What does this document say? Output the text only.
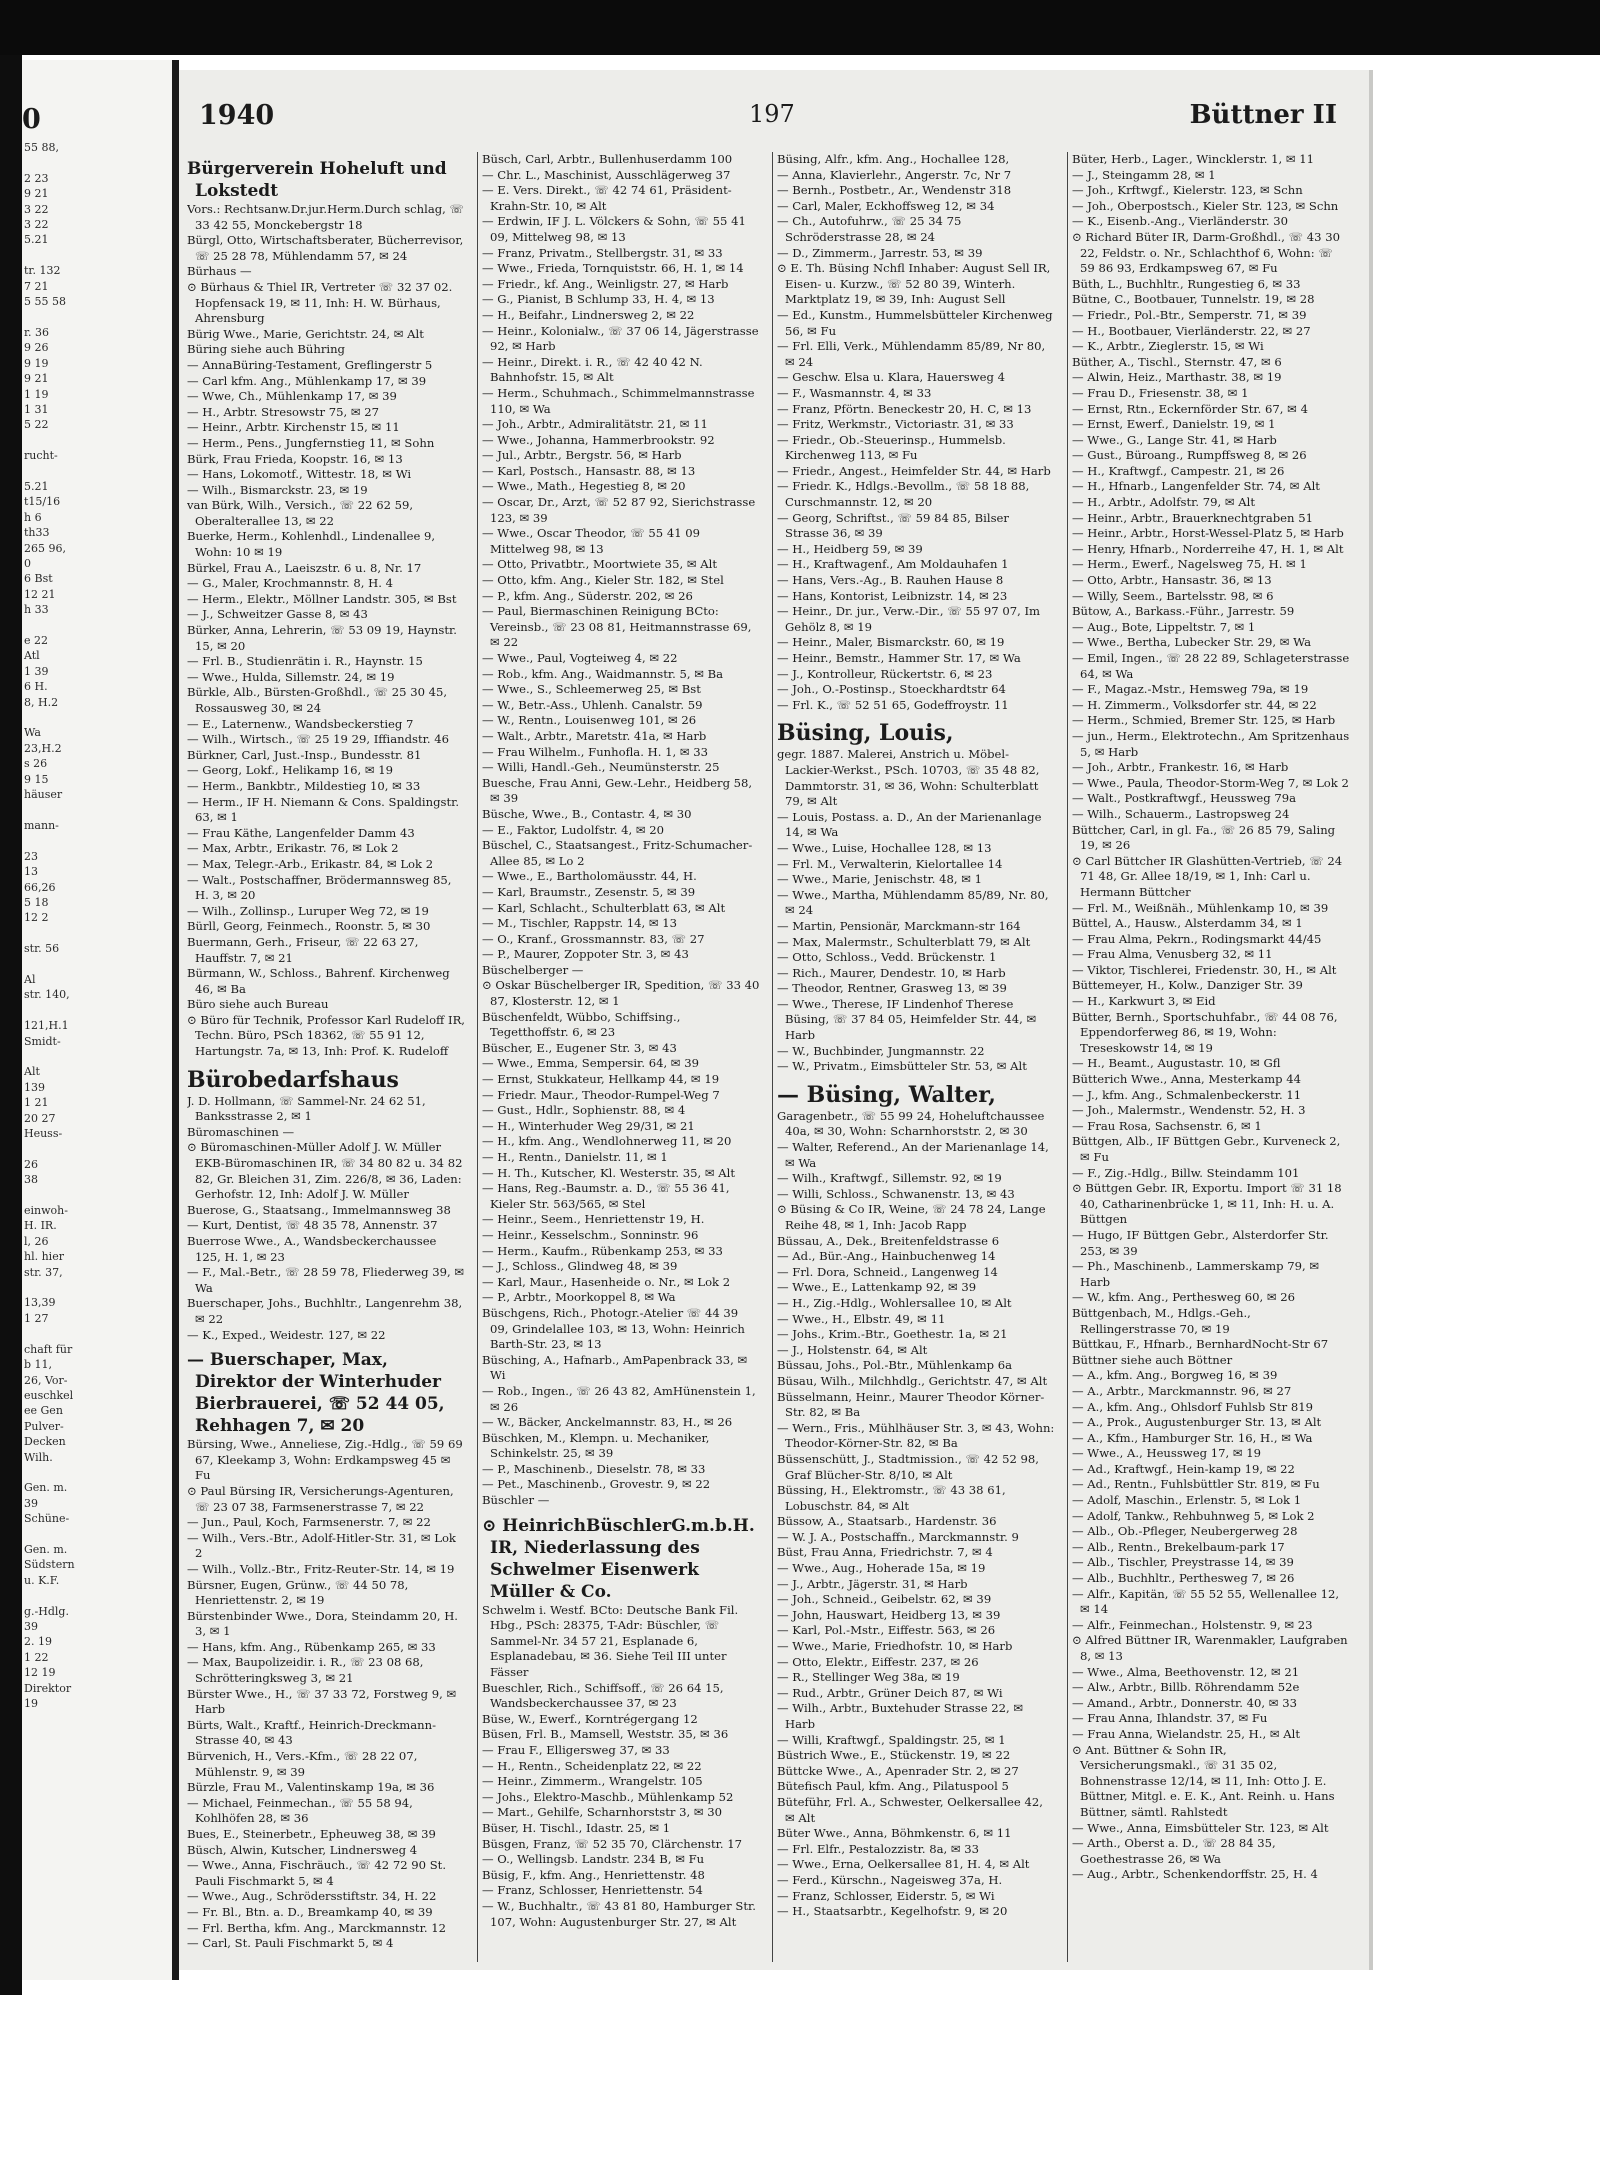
0
55 88,

2 23
9 21
3 22
3 22
5.21

tr. 132
7 21
5 55 58

r. 36
9 26
9 19
9 21
1 19
1 31
5 22

rucht-

5.21
t15/16
h 6
th33
265 96,
0
6 Bst
12 21
h 33

e 22
Atl
1 39
6 H.
8, H.2

Wa
23,H.2
s 26
9 15
häuser

mann-

23
13
66,26
5 18
12 2

str. 56

Al
str. 140,

121,H.1
Smidt-

Alt
139
1 21
20 27
Heuss-

26
38

einwoh-
H. IR.
l, 26
hl. hier
str. 37,

13,39
1 27

chaft für
b 11,
26, Vor-
euschkel
ee Gen
Pulver-
Decken
Wilh.

Gen. m.
39
Schüne-

Gen. m.
Südstern
u. K.F.

g.-Hdlg.
39
2. 19
1 22
12 19
Direktor
19
1940	197	Büttner II

Bürgerverein Hoheluft und Lokstedt

Vors.: Rechtsanw.Dr.jur.Herm.Durch schlag, ☏ 33 42 55, Monckebergstr 18

Bürgl, Otto, Wirtschaftsberater, Bücherrevisor, ☏ 25 28 78, Mühlendamm 57, ✉ 24

Bürhaus —

⊙ Bürhaus & Thiel IR, Vertreter ☏ 32 37 02. Hopfensack 19, ✉ 11, Inh: H. W. Bürhaus, Ahrensburg

Bürig Wwe., Marie, Gerichtstr. 24, ✉ Alt

Büring siehe auch Bühring

— AnnaBüring-Testament, Greflingerstr 5

— Carl kfm. Ang., Mühlenkamp 17, ✉ 39

— Wwe, Ch., Mühlenkamp 17, ✉ 39

— H., Arbtr. Stresowstr 75, ✉ 27

— Heinr., Arbtr. Kirchenstr 15, ✉ 11

— Herm., Pens., Jungfernstieg 11, ✉ Sohn

Bürk, Frau Frieda, Koopstr. 16, ✉ 13

— Hans, Lokomotf., Wittestr. 18, ✉ Wi

— Wilh., Bismarckstr. 23, ✉ 19

van Bürk, Wilh., Versich., ☏ 22 62 59, Oberalterallee 13, ✉ 22

Buerke, Herm., Kohlenhdl., Lindenallee 9, Wohn: 10 ✉ 19

Bürkel, Frau A., Laeiszstr. 6 u. 8, Nr. 17

— G., Maler, Krochmannstr. 8, H. 4

— Herm., Elektr., Möllner Landstr. 305, ✉ Bst

— J., Schweitzer Gasse 8, ✉ 43

Bürker, Anna, Lehrerin, ☏ 53 09 19, Haynstr. 15, ✉ 20

— Frl. B., Studienrätin i. R., Haynstr. 15

— Wwe., Hulda, Sillemstr. 24, ✉ 19

Bürkle, Alb., Bürsten-Großhdl., ☏ 25 30 45, Rossausweg 30, ✉ 24

— E., Laternenw., Wandsbeckerstieg 7

— Wilh., Wirtsch., ☏ 25 19 29, Iffiandstr. 46

Bürkner, Carl, Just.-Insp., Bundesstr. 81

— Georg, Lokf., Helikamp 16, ✉ 19

— Herm., Bankbtr., Mildestieg 10, ✉ 33

— Herm., IF H. Niemann & Cons. Spaldingstr. 63, ✉ 1

— Frau Käthe, Langenfelder Damm 43

— Max, Arbtr., Erikastr. 76, ✉ Lok 2

— Max, Telegr.-Arb., Erikastr. 84, ✉ Lok 2

— Walt., Postschaffner, Brödermannsweg 85, H. 3, ✉ 20

— Wilh., Zollinsp., Luruper Weg 72, ✉ 19

Bürll, Georg, Feinmech., Roonstr. 5, ✉ 30

Buermann, Gerh., Friseur, ☏ 22 63 27, Hauffstr. 7, ✉ 21

Bürmann, W., Schloss., Bahrenf. Kirchenweg 46, ✉ Ba

Büro siehe auch Bureau

⊙ Büro für Technik, Professor Karl Rudeloff IR, Techn. Büro, PSch 18362, ☏ 55 91 12, Hartungstr. 7a, ✉ 13, Inh: Prof. K. Rudeloff

Bürobedarfshaus

J. D. Hollmann, ☏ Sammel-Nr. 24 62 51, Banksstrasse 2, ✉ 1

Büromaschinen —

⊙ Büromaschinen-Müller Adolf J. W. Müller EKB-Büromaschinen IR, ☏ 34 80 82 u. 34 82 82, Gr. Bleichen 31, Zim. 226/8, ✉ 36, Laden: Gerhofstr. 12, Inh: Adolf J. W. Müller

Buerose, G., Staatsang., Immelmannsweg 38

— Kurt, Dentist, ☏ 48 35 78, Annenstr. 37

Buerrose Wwe., A., Wandsbeckerchaussee 125, H. 1, ✉ 23

— F., Mal.-Betr., ☏ 28 59 78, Fliederweg 39, ✉ Wa

Buerschaper, Johs., Buchhltr., Langenrehm 38, ✉ 22

— K., Exped., Weidestr. 127, ✉ 22

— Buerschaper, Max, Direktor der Winterhuder Bierbrauerei, ☏ 52 44 05, Rehhagen 7, ✉ 20

Bürsing, Wwe., Anneliese, Zig.-Hdlg., ☏ 59 69 67, Kleekamp 3, Wohn: Erdkampsweg 45 ✉ Fu

⊙ Paul Bürsing IR, Versicherungs-Agenturen, ☏ 23 07 38, Farmsenerstrasse 7, ✉ 22

— Jun., Paul, Koch, Farmsenerstr. 7, ✉ 22

— Wilh., Vers.-Btr., Adolf-Hitler-Str. 31, ✉ Lok 2

— Wilh., Vollz.-Btr., Fritz-Reuter-Str. 14, ✉ 19

Bürsner, Eugen, Grünw., ☏ 44 50 78, Henriettenstr. 2, ✉ 19

Bürstenbinder Wwe., Dora, Steindamm 20, H. 3, ✉ 1

— Hans, kfm. Ang., Rübenkamp 265, ✉ 33

— Max, Baupolizeidir. i. R., ☏ 23 08 68, Schrötteringksweg 3, ✉ 21

Bürster Wwe., H., ☏ 37 33 72, Forstweg 9, ✉ Harb

Bürts, Walt., Kraftf., Heinrich-Dreckmann-Strasse 40, ✉ 43

Bürvenich, H., Vers.-Kfm., ☏ 28 22 07, Mühlenstr. 9, ✉ 39

Bürzle, Frau M., Valentinskamp 19a, ✉ 36

— Michael, Feinmechan., ☏ 55 58 94, Kohlhöfen 28, ✉ 36

Bues, E., Steinerbetr., Epheuweg 38, ✉ 39

Büsch, Alwin, Kutscher, Lindnersweg 4

— Wwe., Anna, Fischräuch., ☏ 42 72 90 St. Pauli Fischmarkt 5, ✉ 4

— Wwe., Aug., Schrödersstiftstr. 34, H. 22

— Fr. Bl., Btn. a. D., Breamkamp 40, ✉ 39

— Frl. Bertha, kfm. Ang., Marckmannstr. 12

— Carl, St. Pauli Fischmarkt 5, ✉ 4

Büsch, Carl, Arbtr., Bullenhuserdamm 100

— Chr. L., Maschinist, Ausschlägerweg 37

— E. Vers. Direkt., ☏ 42 74 61, Präsident-Krahn-Str. 10, ✉ Alt

— Erdwin, IF J. L. Völckers & Sohn, ☏ 55 41 09, Mittelweg 98, ✉ 13

— Franz, Privatm., Stellbergstr. 31, ✉ 33

— Wwe., Frieda, Tornquiststr. 66, H. 1, ✉ 14

— Friedr., kf. Ang., Weinligstr. 27, ✉ Harb

— G., Pianist, B Schlump 33, H. 4, ✉ 13

— H., Beifahr., Lindnersweg 2, ✉ 22

— Heinr., Kolonialw., ☏ 37 06 14, Jägerstrasse 92, ✉ Harb

— Heinr., Direkt. i. R., ☏ 42 40 42 N. Bahnhofstr. 15, ✉ Alt

— Herm., Schuhmach., Schimmelmannstrasse 110, ✉ Wa

— Joh., Arbtr., Admiralitätstr. 21, ✉ 11

— Wwe., Johanna, Hammerbrookstr. 92

— Jul., Arbtr., Bergstr. 56, ✉ Harb

— Karl, Postsch., Hansastr. 88, ✉ 13

— Wwe., Math., Hegestieg 8, ✉ 20

— Oscar, Dr., Arzt, ☏ 52 87 92, Sierichstrasse 123, ✉ 39

— Wwe., Oscar Theodor, ☏ 55 41 09 Mittelweg 98, ✉ 13

— Otto, Privatbtr., Moortwiete 35, ✉ Alt

— Otto, kfm. Ang., Kieler Str. 182, ✉ Stel

— P., kfm. Ang., Süderstr. 202, ✉ 26

— Paul, Biermaschinen Reinigung BCto: Vereinsb., ☏ 23 08 81, Heitmannstrasse 69, ✉ 22

— Wwe., Paul, Vogteiweg 4, ✉ 22

— Rob., kfm. Ang., Waidmannstr. 5, ✉ Ba

— Wwe., S., Schleemerweg 25, ✉ Bst

— W., Betr.-Ass., Uhlenh. Canalstr. 59

— W., Rentn., Louisenweg 101, ✉ 26

— Walt., Arbtr., Maretstr. 41a, ✉ Harb

— Frau Wilhelm., Funhofla. H. 1, ✉ 33

— Willi, Handl.-Geh., Neumünsterstr. 25

Buesche, Frau Anni, Gew.-Lehr., Heidberg 58, ✉ 39

Büsche, Wwe., B., Contastr. 4, ✉ 30

— E., Faktor, Ludolfstr. 4, ✉ 20

Büschel, C., Staatsangest., Fritz-Schumacher-Allee 85, ✉ Lo 2

— Wwe., E., Bartholomäusstr. 44, H.

— Karl, Braumstr., Zesenstr. 5, ✉ 39

— Karl, Schlacht., Schulterblatt 63, ✉ Alt

— M., Tischler, Rappstr. 14, ✉ 13

— O., Kranf., Grossmannstr. 83, ☏ 27

— P., Maurer, Zoppoter Str. 3, ✉ 43

Büschelberger —

⊙ Oskar Büschelberger IR, Spedition, ☏ 33 40 87, Klosterstr. 12, ✉ 1

Büschenfeldt, Wübbo, Schiffsing., Tegetthoffstr. 6, ✉ 23

Büscher, E., Eugener Str. 3, ✉ 43

— Wwe., Emma, Sempersir. 64, ✉ 39

— Ernst, Stukkateur, Hellkamp 44, ✉ 19

— Friedr. Maur., Theodor-Rumpel-Weg 7

— Gust., Hdlr., Sophienstr. 88, ✉ 4

— H., Winterhuder Weg 29/31, ✉ 21

— H., kfm. Ang., Wendlohnerweg 11, ✉ 20

— H., Rentn., Danielstr. 11, ✉ 1

— H. Th., Kutscher, Kl. Westerstr. 35, ✉ Alt

— Hans, Reg.-Baumstr. a. D., ☏ 55 36 41, Kieler Str. 563/565, ✉ Stel

— Heinr., Seem., Henriettenstr 19, H.

— Heinr., Kesselschm., Sonninstr. 96

— Herm., Kaufm., Rübenkamp 253, ✉ 33

— J., Schloss., Glindweg 48, ✉ 39

— Karl, Maur., Hasenheide o. Nr., ✉ Lok 2

— P., Arbtr., Moorkoppel 8, ✉ Wa

Büschgens, Rich., Photogr.-Atelier ☏ 44 39 09, Grindelallee 103, ✉ 13, Wohn: Heinrich Barth-Str. 23, ✉ 13

Büsching, A., Hafnarb., AmPapenbrack 33, ✉ Wi

— Rob., Ingen., ☏ 26 43 82, AmHünenstein 1, ✉ 26

— W., Bäcker, Anckelmannstr. 83, H., ✉ 26

Büschken, M., Klempn. u. Mechaniker, Schinkelstr. 25, ✉ 39

— P., Maschinenb., Dieselstr. 78, ✉ 33

— Pet., Maschinenb., Grovestr. 9, ✉ 22

Büschler —

⊙ HeinrichBüschlerG.m.b.H. IR, Niederlassung des Schwelmer Eisenwerk Müller & Co.

Schwelm i. Westf. BCto: Deutsche Bank Fil. Hbg., PSch: 28375, T-Adr: Büschler, ☏ Sammel-Nr. 34 57 21, Esplanade 6, Esplanadebau, ✉ 36. Siehe Teil III unter Fässer

Bueschler, Rich., Schiffsoff., ☏ 26 64 15, Wandsbeckerchaussee 37, ✉ 23

Büse, W., Ewerf., Korntrégergang 12

Büsen, Frl. B., Mamsell, Weststr. 35, ✉ 36

— Frau F., Elligersweg 37, ✉ 33

— H., Rentn., Scheidenplatz 22, ✉ 22

— Heinr., Zimmerm., Wrangelstr. 105

— Johs., Elektro-Maschb., Mühlenkamp 52

— Mart., Gehilfe, Scharnhorststr 3, ✉ 30

Büser, H. Tischl., Idastr. 25, ✉ 1

Büsgen, Franz, ☏ 52 35 70, Clärchenstr. 17

— O., Wellingsb. Landstr. 234 B, ✉ Fu

Büsig, F., kfm. Ang., Henriettenstr. 48

— Franz, Schlosser, Henriettenstr. 54

— W., Buchhaltr., ☏ 43 81 80, Hamburger Str. 107, Wohn: Augustenburger Str. 27, ✉ Alt

Büsing, Alfr., kfm. Ang., Hochallee 128,

— Anna, Klavierlehr., Angerstr. 7c, Nr 7

— Bernh., Postbetr., Ar., Wendenstr 318

— Carl, Maler, Eckhoffsweg 12, ✉ 34

— Ch., Autofuhrw., ☏ 25 34 75 Schröderstrasse 28, ✉ 24

— D., Zimmerm., Jarrestr. 53, ✉ 39

⊙ E. Th. Büsing Nchfl Inhaber: August Sell IR, Eisen- u. Kurzw., ☏ 52 80 39, Winterh. Marktplatz 19, ✉ 39, Inh: August Sell

— Ed., Kunstm., Hummelsbütteler Kirchenweg 56, ✉ Fu

— Frl. Elli, Verk., Mühlendamm 85/89, Nr 80, ✉ 24

— Geschw. Elsa u. Klara, Hauersweg 4

— F., Wasmannstr. 4, ✉ 33

— Franz, Pförtn. Beneckestr 20, H. C, ✉ 13

— Fritz, Werkmstr., Victoriastr. 31, ✉ 33

— Friedr., Ob.-Steuerinsp., Hummelsb. Kirchenweg 113, ✉ Fu

— Friedr., Angest., Heimfelder Str. 44, ✉ Harb

— Friedr. K., Hdlgs.-Bevollm., ☏ 58 18 88, Curschmannstr. 12, ✉ 20

— Georg, Schriftst., ☏ 59 84 85, Bilser Strasse 36, ✉ 39

— H., Heidberg 59, ✉ 39

— H., Kraftwagenf., Am Moldauhafen 1

— Hans, Vers.-Ag., B. Rauhen Hause 8

— Hans, Kontorist, Leibnizstr. 14, ✉ 23

— Heinr., Dr. jur., Verw.-Dir., ☏ 55 97 07, Im Gehölz 8, ✉ 19

— Heinr., Maler, Bismarckstr. 60, ✉ 19

— Heinr., Bemstr., Hammer Str. 17, ✉ Wa

— J., Kontrolleur, Rückertstr. 6, ✉ 23

— Joh., O.-Postinsp., Stoeckhardtstr 64

— Frl. K., ☏ 52 51 65, Godeffroystr. 11

Büsing, Louis,

gegr. 1887. Malerei, Anstrich u. Möbel-Lackier-Werkst., PSch. 10703, ☏ 35 48 82, Dammtorstr. 31, ✉ 36, Wohn: Schulterblatt 79, ✉ Alt

— Louis, Postass. a. D., An der Marienanlage 14, ✉ Wa

— Wwe., Luise, Hochallee 128, ✉ 13

— Frl. M., Verwalterin, Kielortallee 14

— Wwe., Marie, Jenischstr. 48, ✉ 1

— Wwe., Martha, Mühlendamm 85/89, Nr. 80, ✉ 24

— Martin, Pensionär, Marckmann-str 164

— Max, Malermstr., Schulterblatt 79, ✉ Alt

— Otto, Schloss., Vedd. Brückenstr. 1

— Rich., Maurer, Dendestr. 10, ✉ Harb

— Theodor, Rentner, Grasweg 13, ✉ 39

— Wwe., Therese, IF Lindenhof Therese Büsing, ☏ 37 84 05, Heimfelder Str. 44, ✉ Harb

— W., Buchbinder, Jungmannstr. 22

— W., Privatm., Eimsbütteler Str. 53, ✉ Alt

— Büsing, Walter,

Garagenbetr., ☏ 55 99 24, Hoheluftchaussee 40a, ✉ 30, Wohn: Scharnhorststr. 2, ✉ 30

— Walter, Referend., An der Marienanlage 14, ✉ Wa

— Wilh., Kraftwgf., Sillemstr. 92, ✉ 19

— Willi, Schloss., Schwanenstr. 13, ✉ 43

⊙ Büsing & Co IR, Weine, ☏ 24 78 24, Lange Reihe 48, ✉ 1, Inh: Jacob Rapp

Büssau, A., Dek., Breitenfeldstrasse 6

— Ad., Bür.-Ang., Hainbuchenweg 14

— Frl. Dora, Schneid., Langenweg 14

— Wwe., E., Lattenkamp 92, ✉ 39

— H., Zig.-Hdlg., Wohlersallee 10, ✉ Alt

— Wwe., H., Elbstr. 49, ✉ 11

— Johs., Krim.-Btr., Goethestr. 1a, ✉ 21

— J., Holstenstr. 64, ✉ Alt

Büssau, Johs., Pol.-Btr., Mühlenkamp 6a

Büsau, Wilh., Milchhdlg., Gerichtstr. 47, ✉ Alt

Büsselmann, Heinr., Maurer Theodor Körner-Str. 82, ✉ Ba

— Wern., Fris., Mühlhäuser Str. 3, ✉ 43, Wohn: Theodor-Körner-Str. 82, ✉ Ba

Büssenschütt, J., Stadtmission., ☏ 42 52 98, Graf Blücher-Str. 8/10, ✉ Alt

Büssing, H., Elektromstr., ☏ 43 38 61, Lobuschstr. 84, ✉ Alt

Büssow, A., Staatsarb., Hardenstr. 36

— W. J. A., Postschaffn., Marckmannstr. 9

Büst, Frau Anna, Friedrichstr. 7, ✉ 4

— Wwe., Aug., Hoherade 15a, ✉ 19

— J., Arbtr., Jägerstr. 31, ✉ Harb

— Joh., Schneid., Geibelstr. 62, ✉ 39

— John, Hauswart, Heidberg 13, ✉ 39

— Karl, Pol.-Mstr., Eiffestr. 563, ✉ 26

— Wwe., Marie, Friedhofstr. 10, ✉ Harb

— Otto, Elektr., Eiffestr. 237, ✉ 26

— R., Stellinger Weg 38a, ✉ 19

— Rud., Arbtr., Grüner Deich 87, ✉ Wi

— Wilh., Arbtr., Buxtehuder Strasse 22, ✉ Harb

— Willi, Kraftwgf., Spaldingstr. 25, ✉ 1

Büstrich Wwe., E., Stückenstr. 19, ✉ 22

Büttcke Wwe., A., Apenrader Str. 2, ✉ 27

Bütefisch Paul, kfm. Ang., Pilatuspool 5

Büteführ, Frl. A., Schwester, Oelkersallee 42, ✉ Alt

Büter Wwe., Anna, Böhmkenstr. 6, ✉ 11

— Frl. Elfr., Pestalozzistr. 8a, ✉ 33

— Wwe., Erna, Oelkersallee 81, H. 4, ✉ Alt

— Ferd., Kürschn., Nageisweg 37a, H.

— Franz, Schlosser, Eiderstr. 5, ✉ Wi

— H., Staatsarbtr., Kegelhofstr. 9, ✉ 20

Büter, Herb., Lager., Wincklerstr. 1, ✉ 11

— J., Steingamm 28, ✉ 1

— Joh., Krftwgf., Kielerstr. 123, ✉ Schn

— Joh., Oberpostsch., Kieler Str. 123, ✉ Schn

— K., Eisenb.-Ang., Vierländerstr. 30

⊙ Richard Büter IR, Darm-Großhdl., ☏ 43 30 22, Feldstr. o. Nr., Schlachthof 6, Wohn: ☏ 59 86 93, Erdkampsweg 67, ✉ Fu

Büth, L., Buchhltr., Rungestieg 6, ✉ 33

Bütne, C., Bootbauer, Tunnelstr. 19, ✉ 28

— Friedr., Pol.-Btr., Semperstr. 71, ✉ 39

— H., Bootbauer, Vierländerstr. 22, ✉ 27

— K., Arbtr., Zieglerstr. 15, ✉ Wi

Büther, A., Tischl., Sternstr. 47, ✉ 6

— Alwin, Heiz., Marthastr. 38, ✉ 19

— Frau D., Friesenstr. 38, ✉ 1

— Ernst, Rtn., Eckernförder Str. 67, ✉ 4

— Ernst, Ewerf., Danielstr. 19, ✉ 1

— Wwe., G., Lange Str. 41, ✉ Harb

— Gust., Büroang., Rumpffsweg 8, ✉ 26

— H., Kraftwgf., Campestr. 21, ✉ 26

— H., Hfnarb., Langenfelder Str. 74, ✉ Alt

— H., Arbtr., Adolfstr. 79, ✉ Alt

— Heinr., Arbtr., Brauerknechtgraben 51

— Heinr., Arbtr., Horst-Wessel-Platz 5, ✉ Harb

— Henry, Hfnarb., Norderreihe 47, H. 1, ✉ Alt

— Herm., Ewerf., Nagelsweg 75, H. ✉ 1

— Otto, Arbtr., Hansastr. 36, ✉ 13

— Willy, Seem., Bartelsstr. 98, ✉ 6

Bütow, A., Barkass.-Führ., Jarrestr. 59

— Aug., Bote, Lippeltstr. 7, ✉ 1

— Wwe., Bertha, Lubecker Str. 29, ✉ Wa

— Emil, Ingen., ☏ 28 22 89, Schlageterstrasse 64, ✉ Wa

— F., Magaz.-Mstr., Hemsweg 79a, ✉ 19

— H. Zimmerm., Volksdorfer str. 44, ✉ 22

— Herm., Schmied, Bremer Str. 125, ✉ Harb

— jun., Herm., Elektrotechn., Am Spritzenhaus 5, ✉ Harb

— Joh., Arbtr., Frankestr. 16, ✉ Harb

— Wwe., Paula, Theodor-Storm-Weg 7, ✉ Lok 2

— Walt., Postkraftwgf., Heussweg 79a

— Wilh., Schauerm., Lastropsweg 24

Büttcher, Carl, in gl. Fa., ☏ 26 85 79, Saling 19, ✉ 26

⊙ Carl Büttcher IR Glashütten-Vertrieb, ☏ 24 71 48, Gr. Allee 18/19, ✉ 1, Inh: Carl u. Hermann Büttcher

— Frl. M., Weißnäh., Mühlenkamp 10, ✉ 39

Büttel, A., Hausw., Alsterdamm 34, ✉ 1

— Frau Alma, Pekrn., Rodingsmarkt 44/45

— Frau Alma, Venusberg 32, ✉ 11

— Viktor, Tischlerei, Friedenstr. 30, H., ✉ Alt

Büttemeyer, H., Kolw., Danziger Str. 39

— H., Karkwurt 3, ✉ Eid

Bütter, Bernh., Sportschuhfabr., ☏ 44 08 76, Eppendorferweg 86, ✉ 19, Wohn: Treseskowstr 14, ✉ 19

— H., Beamt., Augustastr. 10, ✉ Gfl

Bütterich Wwe., Anna, Mesterkamp 44

— J., kfm. Ang., Schmalenbeckerstr. 11

— Joh., Malermstr., Wendenstr. 52, H. 3

— Frau Rosa, Sachsenstr. 6, ✉ 1

Büttgen, Alb., IF Büttgen Gebr., Kurveneck 2, ✉ Fu

— F., Zig.-Hdlg., Billw. Steindamm 101

⊙ Büttgen Gebr. IR, Exportu. Import ☏ 31 18 40, Catharinenbrücke 1, ✉ 11, Inh: H. u. A. Büttgen

— Hugo, IF Büttgen Gebr., Alsterdorfer Str. 253, ✉ 39

— Ph., Maschinenb., Lammerskamp 79, ✉ Harb

— W., kfm. Ang., Perthesweg 60, ✉ 26

Büttgenbach, M., Hdlgs.-Geh., Rellingerstrasse 70, ✉ 19

Büttkau, F., Hfnarb., BernhardNocht-Str 67

Büttner siehe auch Böttner

— A., kfm. Ang., Borgweg 16, ✉ 39

— A., Arbtr., Marckmannstr. 96, ✉ 27

— A., kfm. Ang., Ohlsdorf Fuhlsb Str 819

— A., Prok., Augustenburger Str. 13, ✉ Alt

— A., Kfm., Hamburger Str. 16, H., ✉ Wa

— Wwe., A., Heussweg 17, ✉ 19

— Ad., Kraftwgf., Hein-kamp 19, ✉ 22

— Ad., Rentn., Fuhlsbüttler Str. 819, ✉ Fu

— Adolf, Maschin., Erlenstr. 5, ✉ Lok 1

— Adolf, Tankw., Rehbuhnweg 5, ✉ Lok 2

— Alb., Ob.-Pfleger, Neubergerweg 28

— Alb., Rentn., Brekelbaum-park 17

— Alb., Tischler, Preystrasse 14, ✉ 39

— Alb., Buchhltr., Perthesweg 7, ✉ 26

— Alfr., Kapitän, ☏ 55 52 55, Wellenallee 12, ✉ 14

— Alfr., Feinmechan., Holstenstr. 9, ✉ 23

⊙ Alfred Büttner IR, Warenmakler, Laufgraben 8, ✉ 13

— Wwe., Alma, Beethovenstr. 12, ✉ 21

— Alw., Arbtr., Billb. Röhrendamm 52e

— Amand., Arbtr., Donnerstr. 40, ✉ 33

— Frau Anna, Ihlandstr. 37, ✉ Fu

— Frau Anna, Wielandstr. 25, H., ✉ Alt

⊙ Ant. Büttner & Sohn IR, Versicherungsmakl., ☏ 31 35 02, Bohnenstrasse 12/14, ✉ 11, Inh: Otto J. E. Büttner, Mitgl. e. E. K., Ant. Reinh. u. Hans Büttner, sämtl. Rahlstedt

— Wwe., Anna, Eimsbütteler Str. 123, ✉ Alt

— Arth., Oberst a. D., ☏ 28 84 35, Goethestrasse 26, ✉ Wa

— Aug., Arbtr., Schenkendorffstr. 25, H. 4
